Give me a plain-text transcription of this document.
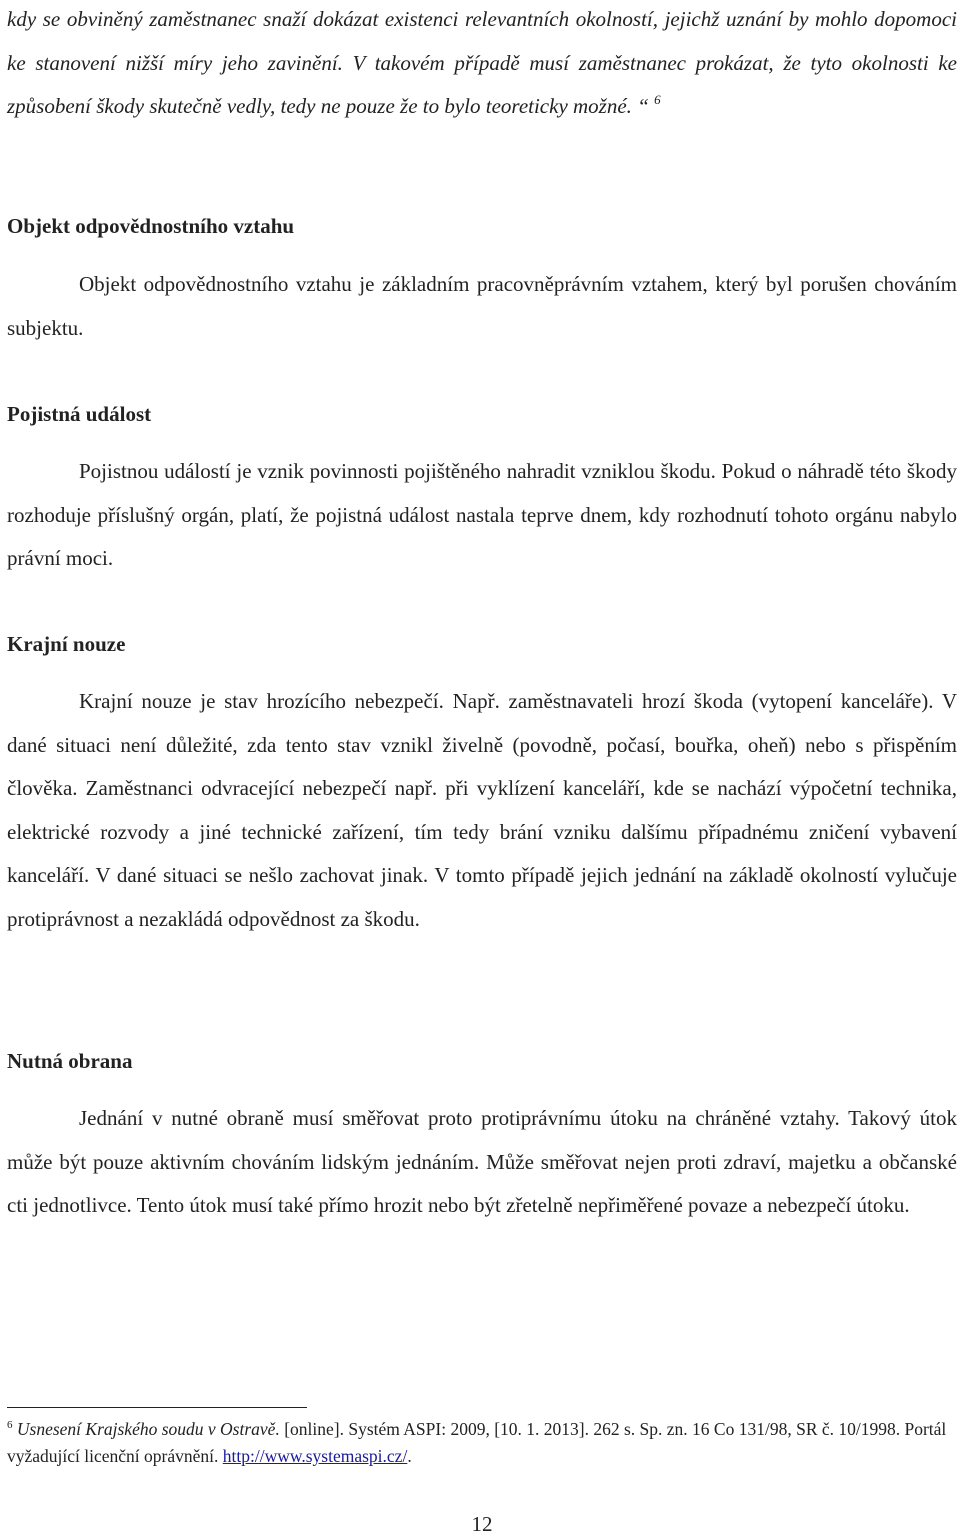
kdy se obviněný zaměstnanec snaží dokázat existenci relevantních okolností, jejichž uznání by mohlo dopomoci ke stanovení nižší míry jeho zavinění. V takovém případě musí zaměstnanec prokázat, že tyto okolnosti ke způsobení škody skutečně vedly, tedy ne pouze že to bylo teoreticky možné. “ $^6$

Objekt odpovědnostního vztahu

Objekt odpovědnostního vztahu je základním pracovněprávním vztahem, který byl porušen chováním subjektu.

Pojistná událost

Pojistnou událostí je vznik povinnosti pojištěného nahradit vzniklou škodu. Pokud o náhradě této škody rozhoduje příslušný orgán, platí, že pojistná událost nastala teprve dnem, kdy rozhodnutí tohoto orgánu nabylo právní moci.

Krajní nouze

Krajní nouze je stav hrozícího nebezpečí. Např. zaměstnavateli hrozí škoda (vytopení kanceláře). V dané situaci není důležité, zda tento stav vznikl živelně (povodně, počasí, bouřka, oheň) nebo s přispěním člověka. Zaměstnanci odvracející nebezpečí např. při vyklízení kanceláří, kde se nachází výpočetní technika, elektrické rozvody a jiné technické zařízení, tím tedy brání vzniku dalšímu případnému zničení vybavení kanceláří. V dané situaci se nešlo zachovat jinak. V tomto případě jejich jednání na základě okolností vylučuje protiprávnost a nezakládá odpovědnost za škodu.

Nutná obrana

Jednání v nutné obraně musí směřovat proto protiprávnímu útoku na chráněné vztahy. Takový útok může být pouze aktivním chováním lidským jednáním. Může směřovat nejen proti zdraví, majetku a občanské cti jednotlivce. Tento útok musí také přímo hrozit nebo být zřetelně nepřiměřené povaze a nebezpečí útoku.

$^6$ Usnesení Krajského soudu v Ostravě. [online]. Systém ASPI: 2009, [10. 1. 2013]. 262 s. Sp. zn. 16 Co 131/98, SR č. 10/1998. Portál vyžadující licenční oprávnění. http://www.systemaspi.cz/.

12
